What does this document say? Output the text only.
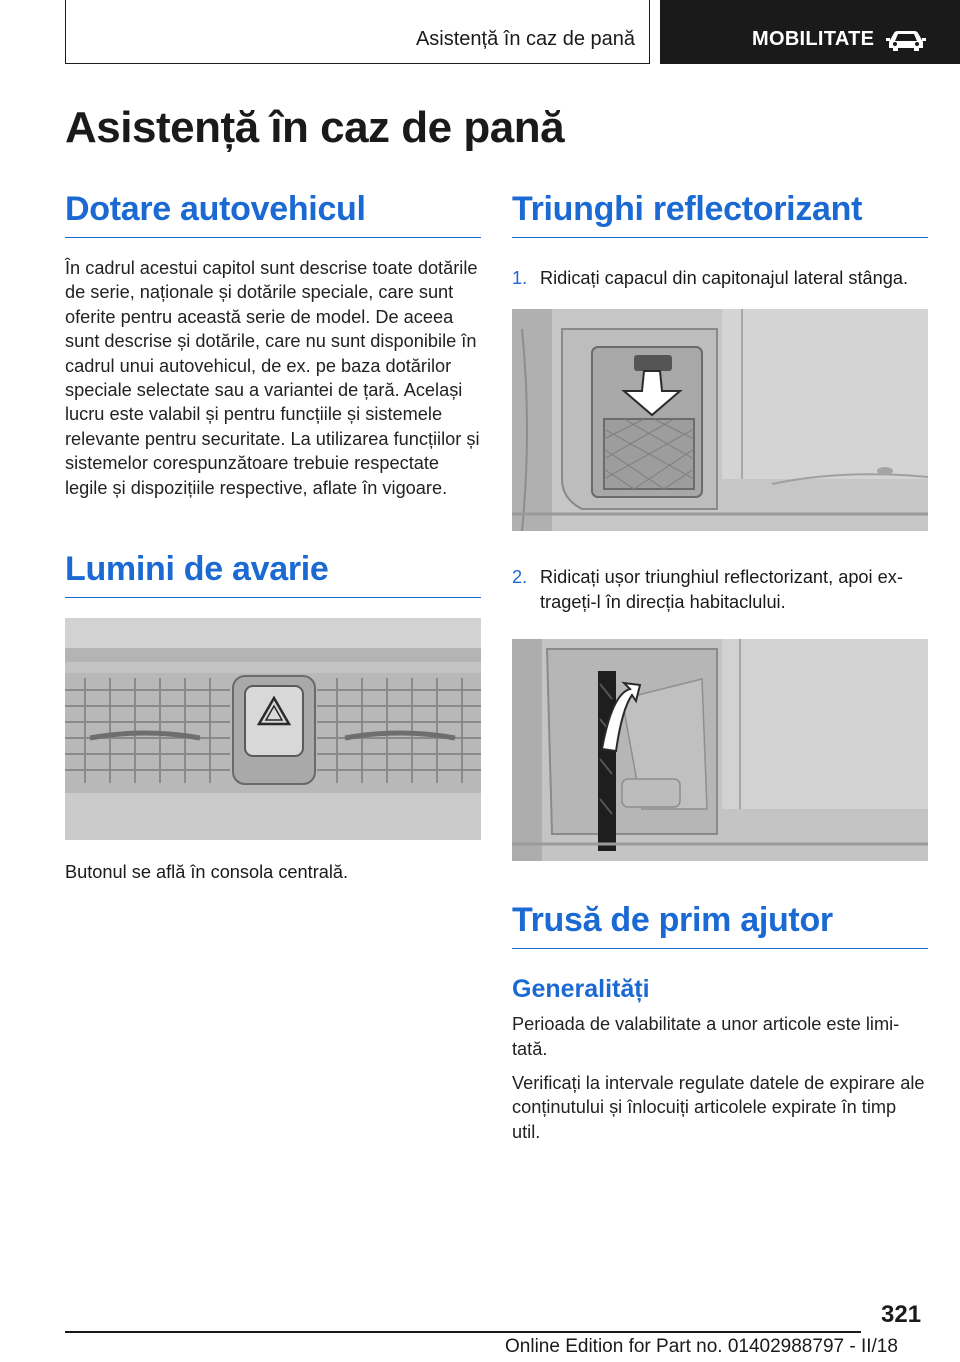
Asistență în caz de pană	MOBILITATE
Asistență în caz de pană
Dotare autovehicul

În cadrul acestui capitol sunt descrise toate dotările de serie, naționale și dotările speciale, care sunt oferite pentru această serie de model. De aceea sunt descrise și dotările, care nu sunt disponibile în cadrul unui autovehicul, de ex. pe baza dotărilor speciale selectate sau a variantei de țară. Același lucru este valabil și pentru funcțiile și sistemele relevante pentru securitate. La utilizarea funcțiilor și sistemelor corespunzătoare trebuie respectate legile și dispozițiile respective, aflate în vigoare.

Lumini de avarie

Butonul se află în consola centrală.

Triunghi reflectorizant
1. Ridicați capacul din capitonajul lateral stânga.
2. Ridicați ușor triunghiul reflectorizant, apoi extrageți-l în direcția habitaclului.
Trusă de prim ajutor
Generalități

Perioada de valabilitate a unor articole este limitată.

Verificați la intervale regulate datele de expirare ale conținutului și înlocuiți articolele expirate în timp util.

321
Online Edition for Part no. 01402988797 - II/18
